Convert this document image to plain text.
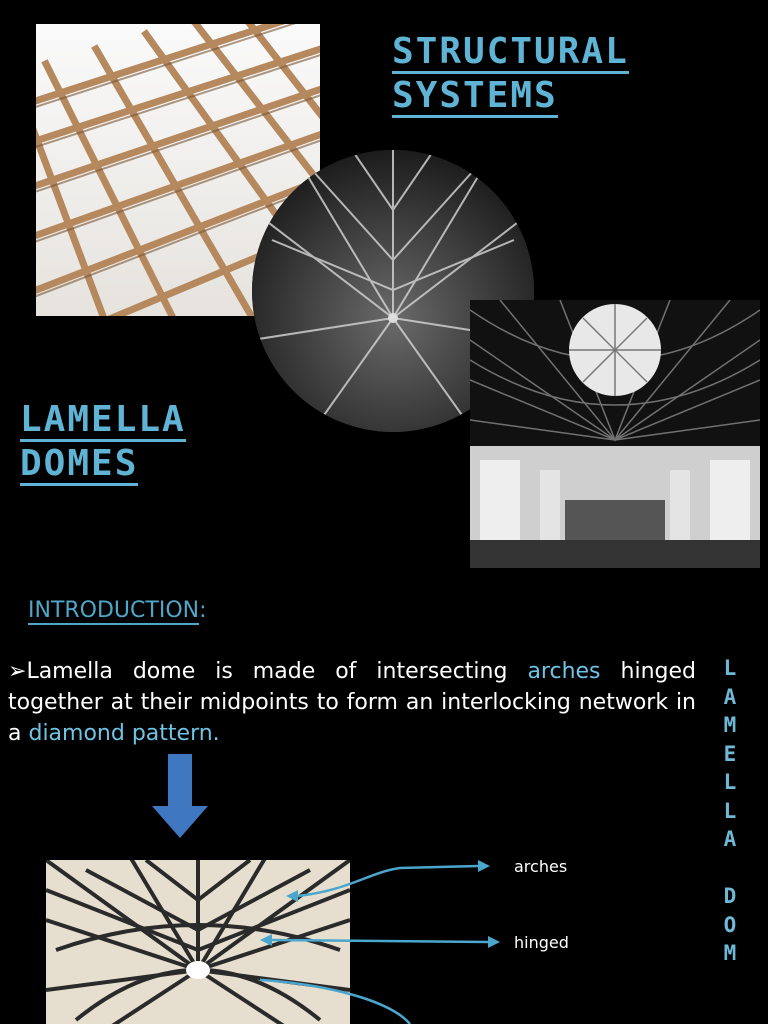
STRUCTURAL
SYSTEMS
LAMELLA
DOMES
INTRODUCTION:
➢Lamella dome is made of intersecting arches hinged together at their midpoints to form an interlocking network in a diamond pattern.
L
A
M
E
L
L
A
D
O
M
arches
hinged
